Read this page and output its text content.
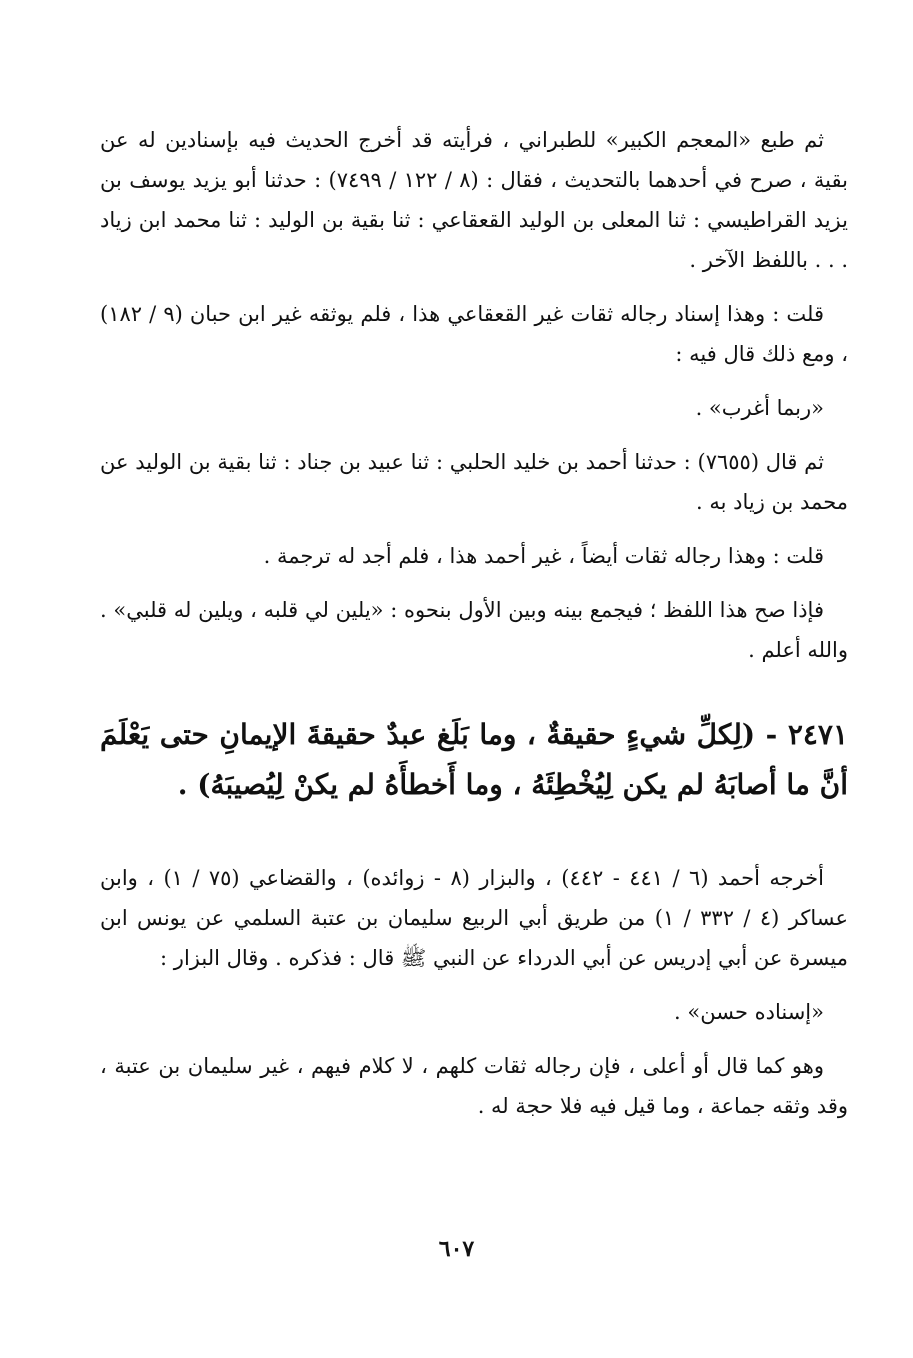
ثم طبع «المعجم الكبير» للطبراني ، فرأيته قد أخرج الحديث فيه بإسنادين له عن بقية ، صرح في أحدهما بالتحديث ، فقال : (٨ / ١٢٢ / ٧٤٩٩) : حدثنا أبو يزيد يوسف بن يزيد القراطيسي : ثنا المعلى بن الوليد القعقاعي : ثنا بقية بن الوليد : ثنا محمد ابن زياد . . . باللفظ الآخر .

قلت : وهذا إسناد رجاله ثقات غير القعقاعي هذا ، فلم يوثقه غير ابن حبان (٩ / ١٨٢) ، ومع ذلك قال فيه :

«ربما أغرب» .

ثم قال (٧٦٥٥) : حدثنا أحمد بن خليد الحلبي : ثنا عبيد بن جناد : ثنا بقية بن الوليد عن محمد بن زياد به .

قلت : وهذا رجاله ثقات أيضاً ، غير أحمد هذا ، فلم أجد له ترجمة .

فإذا صح هذا اللفظ ؛ فيجمع بينه وبين الأول بنحوه : «يلين لي قلبه ، ويلين له قلبي» . والله أعلم .

٢٤٧١ - (لِكلِّ شيءٍ حقيقةٌ ، وما بَلَغ عبدٌ حقيقةَ الإيمانِ حتى يَعْلَمَ أنَّ ما أصابَهُ لم يكن لِيُخْطِئَهُ ، وما أَخطأَهُ لم يكنْ لِيُصيبَهُ) .

أخرجه أحمد (٦ / ٤٤١ - ٤٤٢) ، والبزار (٨ - زوائده) ، والقضاعي (٧٥ / ١) ، وابن عساكر (٤ / ٣٣٢ / ١) من طريق أبي الربيع سليمان بن عتبة السلمي عن يونس ابن ميسرة عن أبي إدريس عن أبي الدرداء عن النبي ﷺ قال : فذكره . وقال البزار :

«إسناده حسن» .

وهو كما قال أو أعلى ، فإن رجاله ثقات كلهم ، لا كلام فيهم ، غير سليمان بن عتبة ، وقد وثقه جماعة ، وما قيل فيه فلا حجة له .

٦٠٧
